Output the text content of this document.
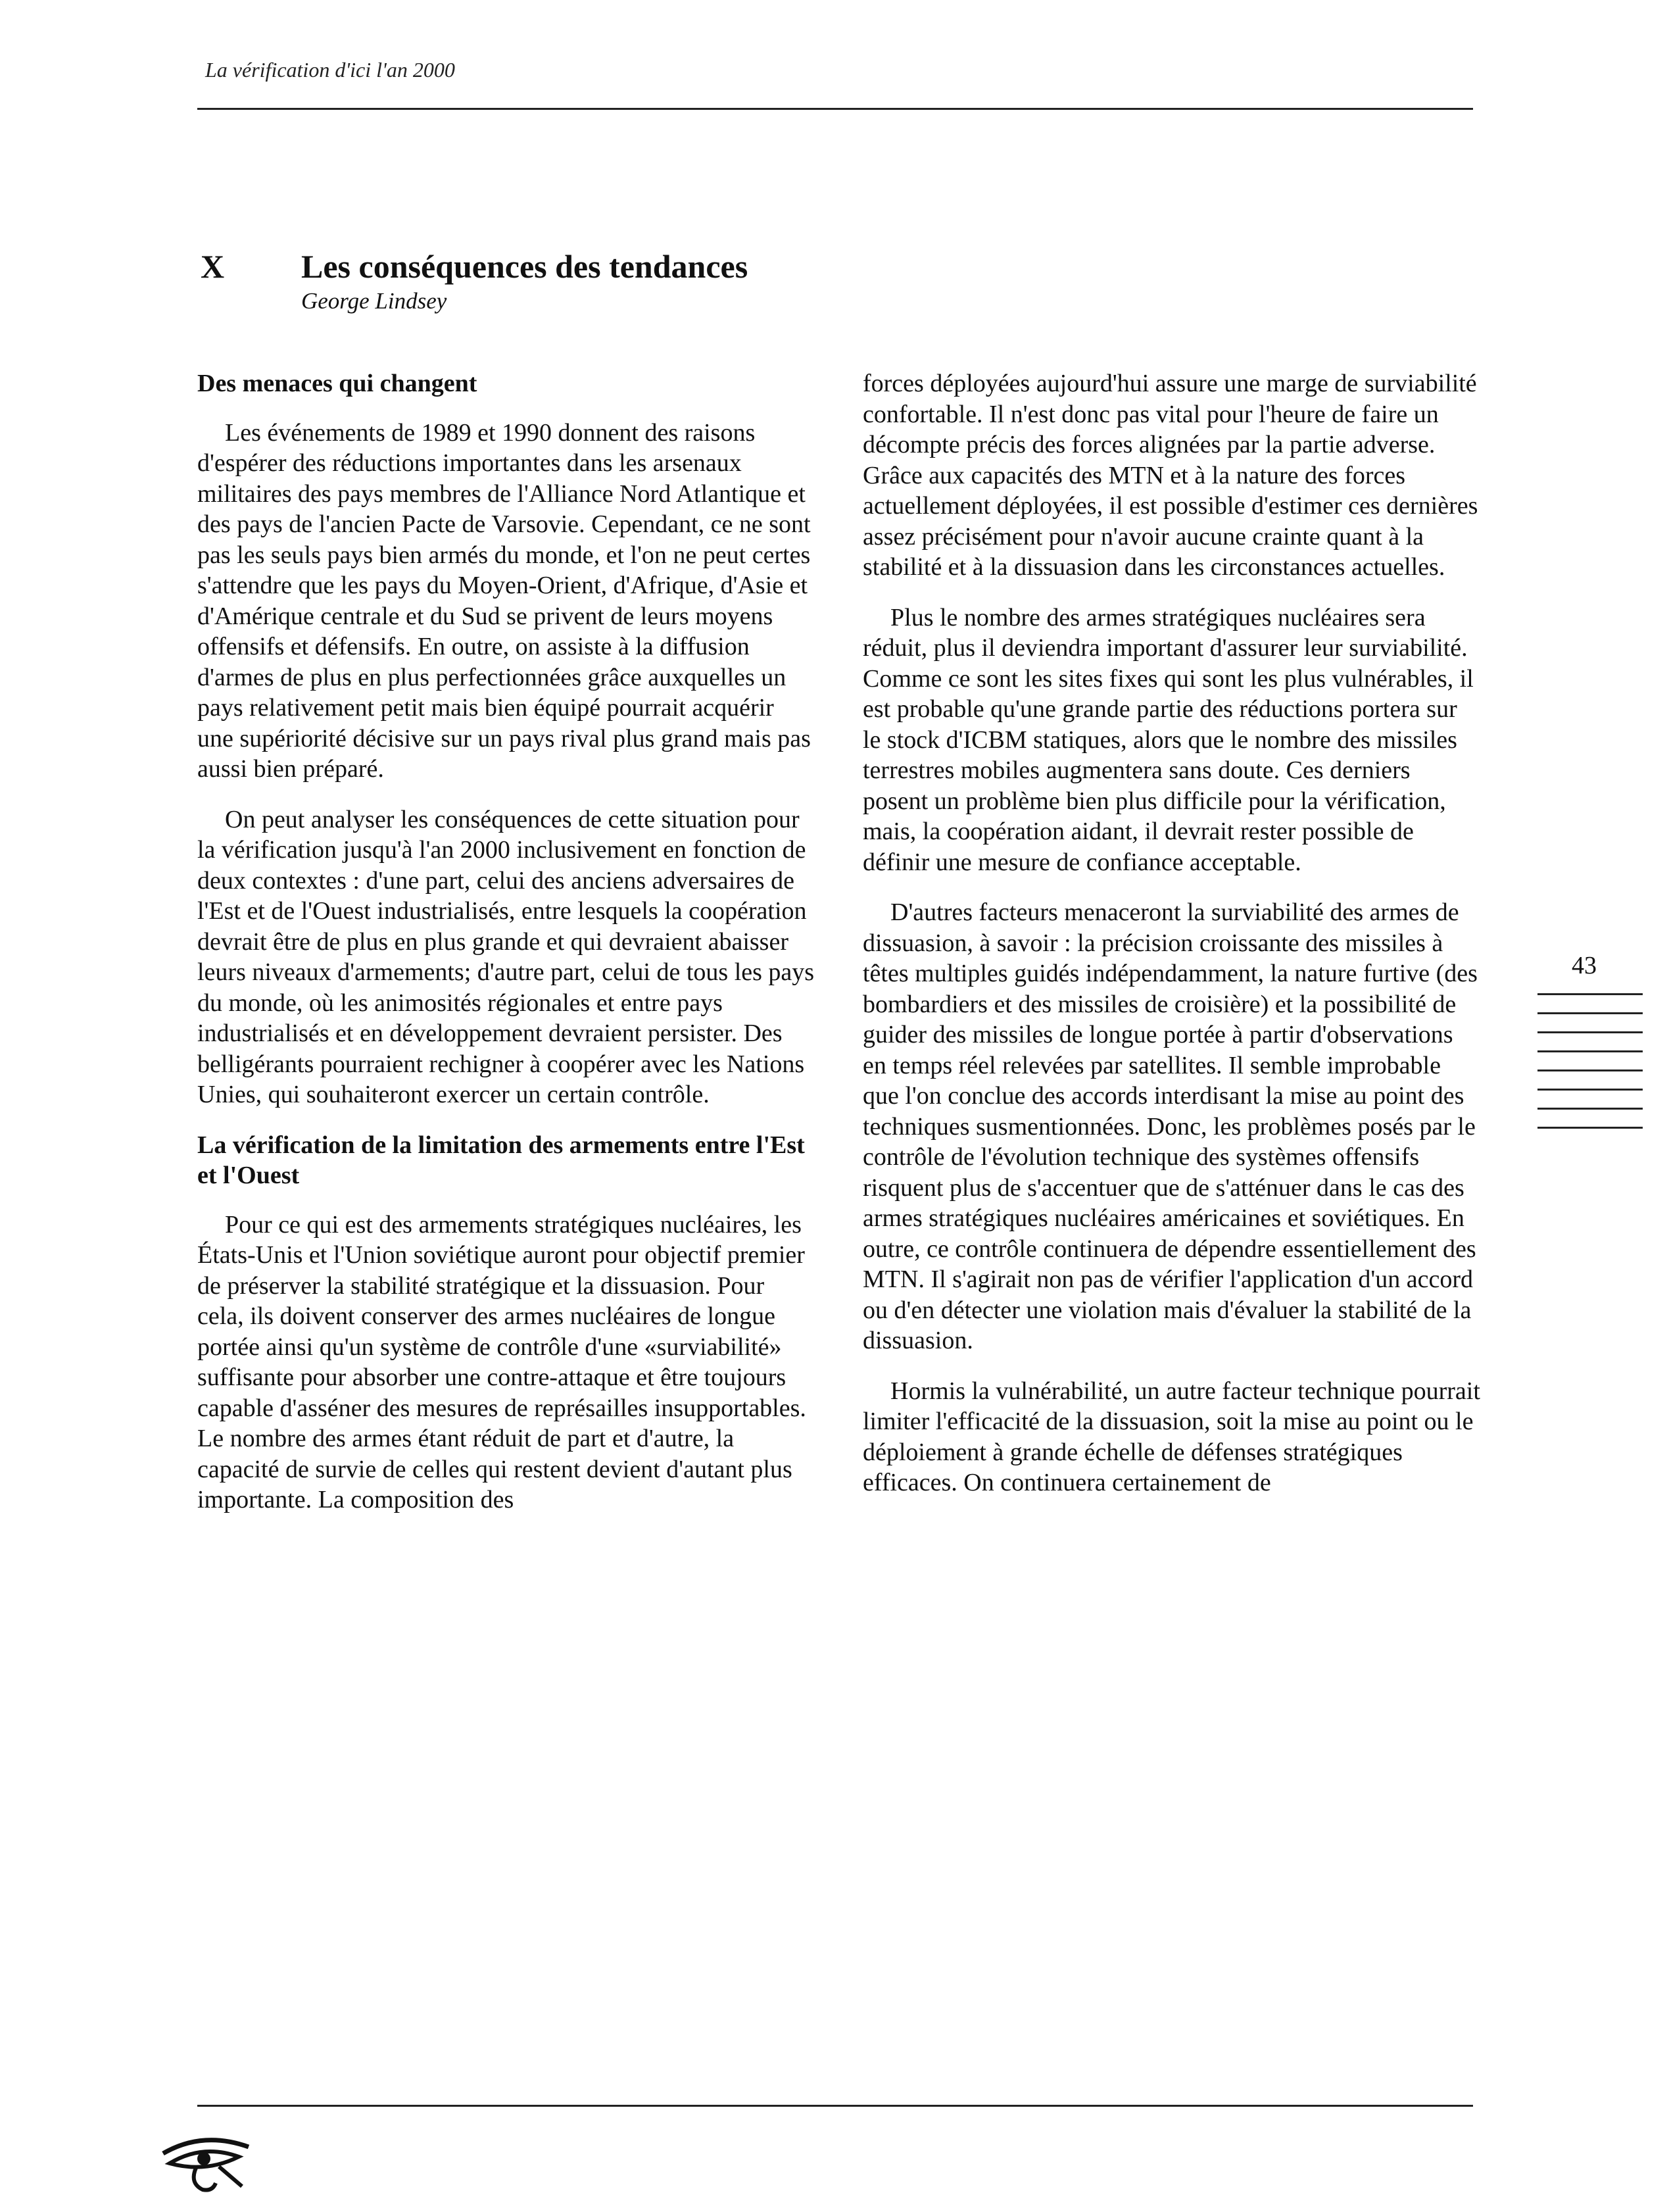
La vérification d'ici l'an 2000
X Les conséquences des tendances
George Lindsey
Des menaces qui changent

Les événements de 1989 et 1990 donnent des raisons d'espérer des réductions importantes dans les arsenaux militaires des pays membres de l'Alliance Nord Atlantique et des pays de l'ancien Pacte de Varsovie. Cependant, ce ne sont pas les seuls pays bien armés du monde, et l'on ne peut certes s'attendre que les pays du Moyen-Orient, d'Afrique, d'Asie et d'Amérique centrale et du Sud se privent de leurs moyens offensifs et défensifs. En outre, on assiste à la diffusion d'armes de plus en plus perfectionnées grâce auxquelles un pays relativement petit mais bien équipé pourrait acquérir une supériorité décisive sur un pays rival plus grand mais pas aussi bien préparé.

On peut analyser les conséquences de cette situation pour la vérification jusqu'à l'an 2000 inclusivement en fonction de deux contextes : d'une part, celui des anciens adversaires de l'Est et de l'Ouest industrialisés, entre lesquels la coopération devrait être de plus en plus grande et qui devraient abaisser leurs niveaux d'armements; d'autre part, celui de tous les pays du monde, où les animosités régionales et entre pays industrialisés et en développement devraient persister. Des belligérants pourraient rechigner à coopérer avec les Nations Unies, qui souhaiteront exercer un certain contrôle.

La vérification de la limitation des armements entre l'Est et l'Ouest

Pour ce qui est des armements stratégiques nucléaires, les États-Unis et l'Union soviétique auront pour objectif premier de préserver la stabilité stratégique et la dissuasion. Pour cela, ils doivent conserver des armes nucléaires de longue portée ainsi qu'un système de contrôle d'une «surviabilité» suffisante pour absorber une contre-attaque et être toujours capable d'asséner des mesures de représailles insupportables. Le nombre des armes étant réduit de part et d'autre, la capacité de survie de celles qui restent devient d'autant plus importante. La composition des

forces déployées aujourd'hui assure une marge de surviabilité confortable. Il n'est donc pas vital pour l'heure de faire un décompte précis des forces alignées par la partie adverse. Grâce aux capacités des MTN et à la nature des forces actuellement déployées, il est possible d'estimer ces dernières assez précisément pour n'avoir aucune crainte quant à la stabilité et à la dissuasion dans les circonstances actuelles.

Plus le nombre des armes stratégiques nucléaires sera réduit, plus il deviendra important d'assurer leur surviabilité. Comme ce sont les sites fixes qui sont les plus vulnérables, il est probable qu'une grande partie des réductions portera sur le stock d'ICBM statiques, alors que le nombre des missiles terrestres mobiles augmentera sans doute. Ces derniers posent un problème bien plus difficile pour la vérification, mais, la coopération aidant, il devrait rester possible de définir une mesure de confiance acceptable.

D'autres facteurs menaceront la surviabilité des armes de dissuasion, à savoir : la précision croissante des missiles à têtes multiples guidés indépendamment, la nature furtive (des bombardiers et des missiles de croisière) et la possibilité de guider des missiles de longue portée à partir d'observations en temps réel relevées par satellites. Il semble improbable que l'on conclue des accords interdisant la mise au point des techniques susmentionnées. Donc, les problèmes posés par le contrôle de l'évolution technique des systèmes offensifs risquent plus de s'accentuer que de s'atténuer dans le cas des armes stratégiques nucléaires américaines et soviétiques. En outre, ce contrôle continuera de dépendre essentiellement des MTN. Il s'agirait non pas de vérifier l'application d'un accord ou d'en détecter une violation mais d'évaluer la stabilité de la dissuasion.

Hormis la vulnérabilité, un autre facteur technique pourrait limiter l'efficacité de la dissuasion, soit la mise au point ou le déploiement à grande échelle de défenses stratégiques efficaces. On continuera certainement de

43
